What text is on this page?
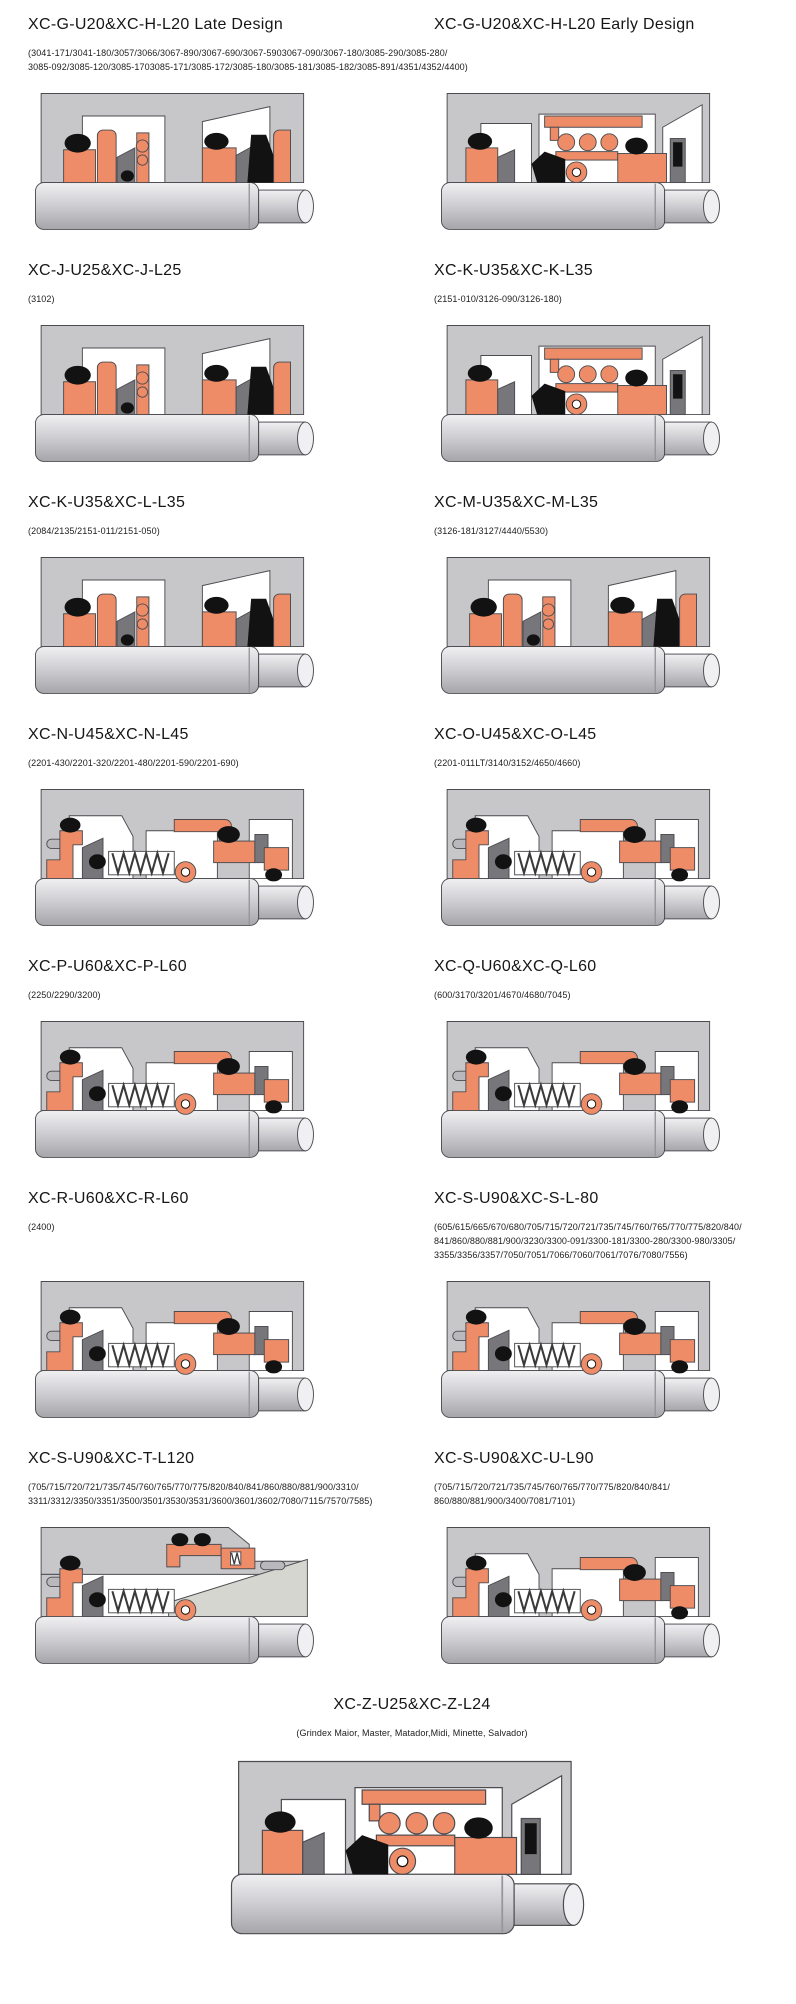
XC-G-U20&XC-H-L20 Late Design	XC-G-U20&XC-H-L20 Early Design
(3041-171/3041-180/3057/3066/3067-890/3067-690/3067-5903067-090/3067-180/3085-290/3085-280/
3085-092/3085-120/3085-1703085-171/3085-172/3085-180/3085-181/3085-182/3085-891/4351/4352/4400)
XC-J-U25&XC-J-L25
(3102)
XC-K-U35&XC-K-L35
(2151-010/3126-090/3126-180)
XC-K-U35&XC-L-L35
(2084/2135/2151-011/2151-050)
XC-M-U35&XC-M-L35
(3126-181/3127/4440/5530)
XC-N-U45&XC-N-L45
(2201-430/2201-320/2201-480/2201-590/2201-690)
XC-O-U45&XC-O-L45
(2201-011LT/3140/3152/4650/4660)
XC-P-U60&XC-P-L60
(2250/2290/3200)
XC-Q-U60&XC-Q-L60
(600/3170/3201/4670/4680/7045)
XC-R-U60&XC-R-L60
(2400)
XC-S-U90&XC-S-L-80
(605/615/665/670/680/705/715/720/721/735/745/760/765/770/775/820/840/
841/860/880/881/900/3230/3300-091/3300-181/3300-280/3300-980/3305/
3355/3356/3357/7050/7051/7066/7060/7061/7076/7080/7556)
XC-S-U90&XC-T-L120
(705/715/720/721/735/745/760/765/770/775/820/840/841/860/880/881/900/3310/
3311/3312/3350/3351/3500/3501/3530/3531/3600/3601/3602/7080/7115/7570/7585)
XC-S-U90&XC-U-L90
(705/715/720/721/735/745/760/765/770/775/820/840/841/
860/880/881/900/3400/7081/7101)
XC-Z-U25&XC-Z-L24
(Grindex Maior, Master, Matador,Midi, Minette, Salvador)
